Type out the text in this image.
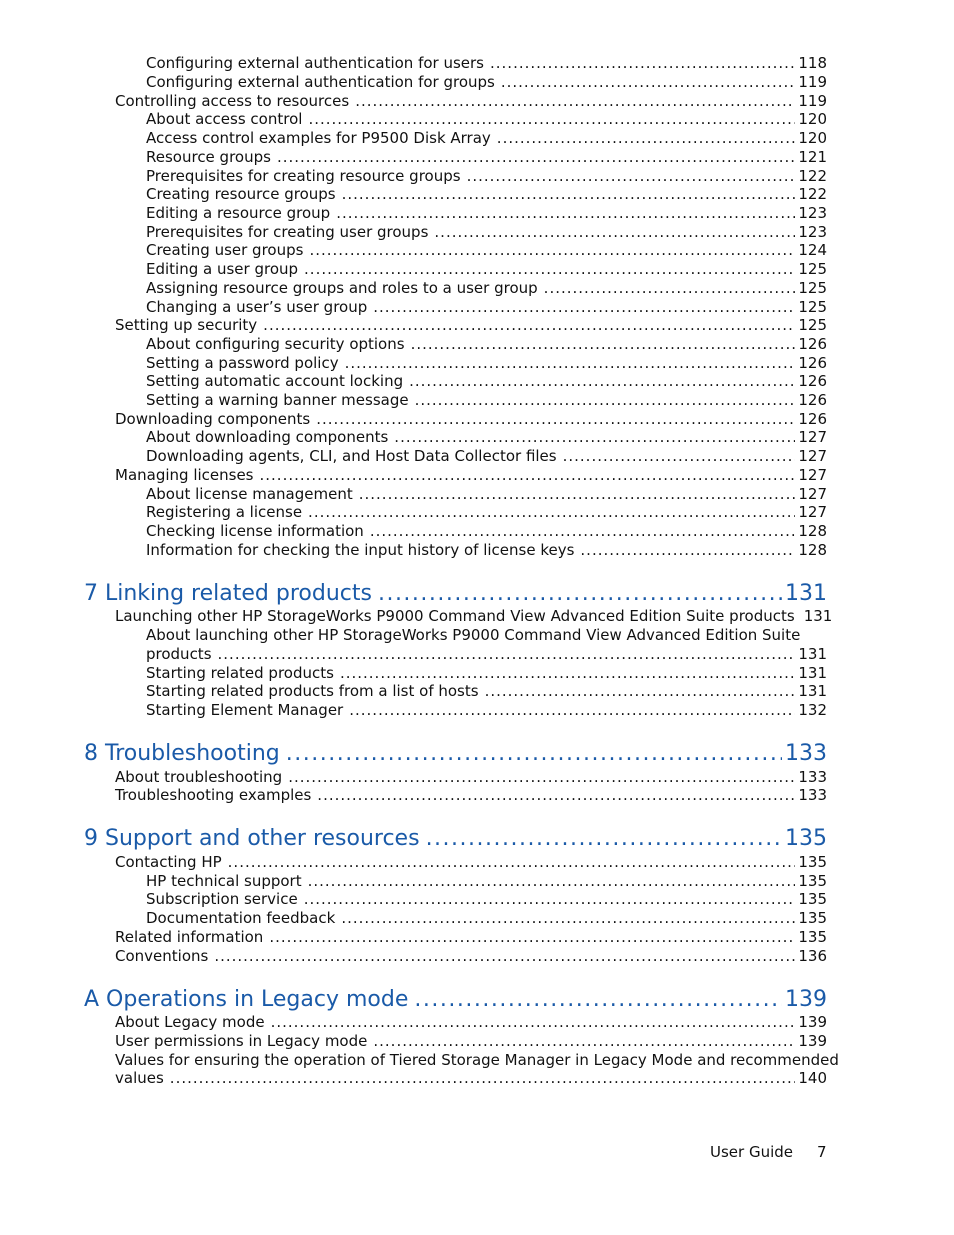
Configuring external authentication for users .....	118
Configuring external authentication for groups .....	119
Controlling access to resources .....	119
About access control .....	120
Access control examples for P9500 Disk Array .....	120
Resource groups .....	121
Prerequisites for creating resource groups .....	122
Creating resource groups .....	122
Editing a resource group .....	123
Prerequisites for creating user groups .....	123
Creating user groups .....	124
Editing a user group .....	125
Assigning resource groups and roles to a user group .....	125
Changing a user’s user group .....	125
Setting up security .....	125
About configuring security options .....	126
Setting a password policy .....	126
Setting automatic account locking .....	126
Setting a warning banner message .....	126
Downloading components .....	126
About downloading components .....	127
Downloading agents, CLI, and Host Data Collector files .....	127
Managing licenses .....	127
About license management .....	127
Registering a license .....	127
Checking license information .....	128
Information for checking the input history of license keys .....	128
7 Linking related products .....	131
Launching other HP StorageWorks P9000 Command View Advanced Edition Suite products 131
About launching other HP StorageWorks P9000 Command View Advanced Edition Suite
products .....	131
Starting related products .....	131
Starting related products from a list of hosts .....	131
Starting Element Manager .....	132
8 Troubleshooting .....	133
About troubleshooting .....	133
Troubleshooting examples .....	133
9 Support and other resources .....	135
Contacting HP .....	135
HP technical support .....	135
Subscription service .....	135
Documentation feedback .....	135
Related information .....	135
Conventions .....	136
A Operations in Legacy mode .....	139
About Legacy mode .....	139
User permissions in Legacy mode .....	139
Values for ensuring the operation of Tiered Storage Manager in Legacy Mode and recommended
values .....	140
User Guide 7
